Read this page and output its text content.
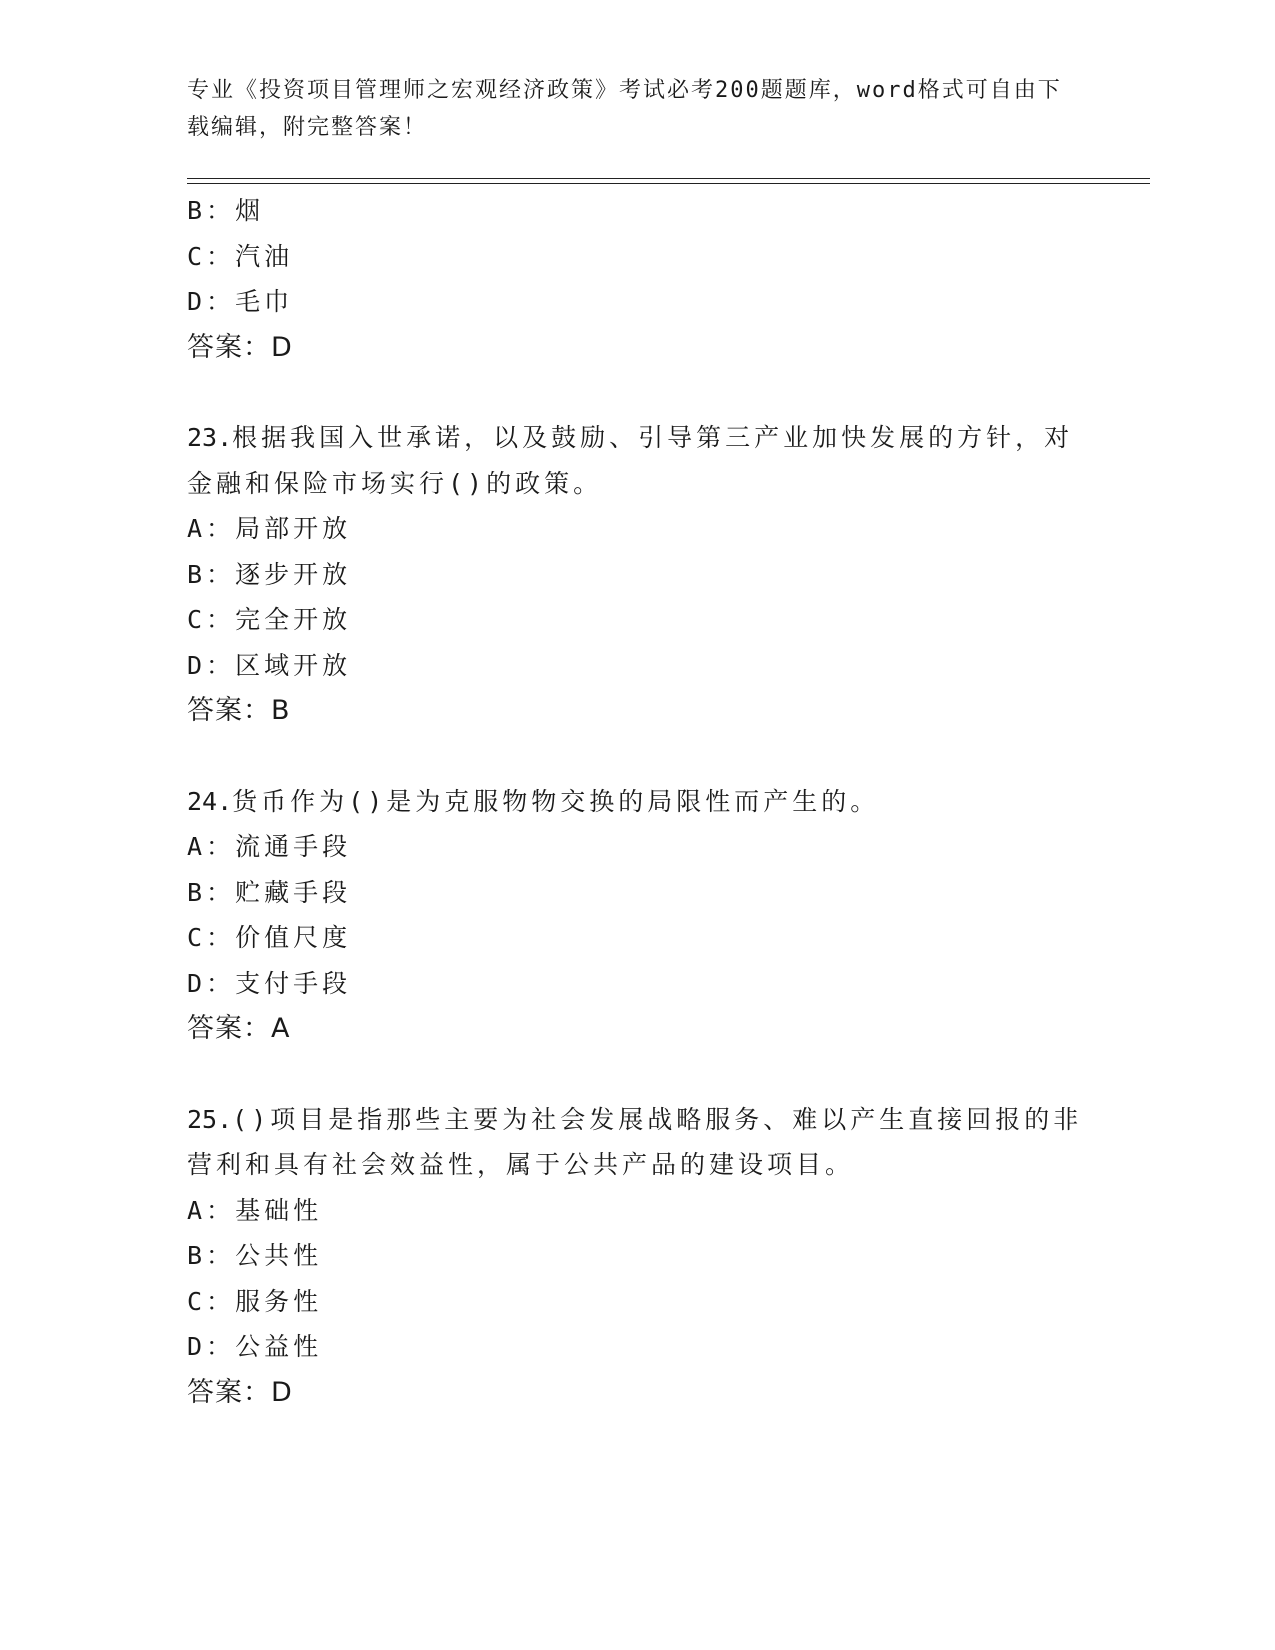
专业《投资项目管理师之宏观经济政策》考试必考200题题库，word格式可自由下载编辑，附完整答案！
B：烟
C：汽油
D：毛巾
答案：D
23.根据我国入世承诺，以及鼓励、引导第三产业加快发展的方针，对
金融和保险市场实行()的政策。
A：局部开放
B：逐步开放
C：完全开放
D：区域开放
答案：B
24.货币作为()是为克服物物交换的局限性而产生的。
A：流通手段
B：贮藏手段
C：价值尺度
D：支付手段
答案：A
25.()项目是指那些主要为社会发展战略服务、难以产生直接回报的非
营利和具有社会效益性，属于公共产品的建设项目。
A：基础性
B：公共性
C：服务性
D：公益性
答案：D
